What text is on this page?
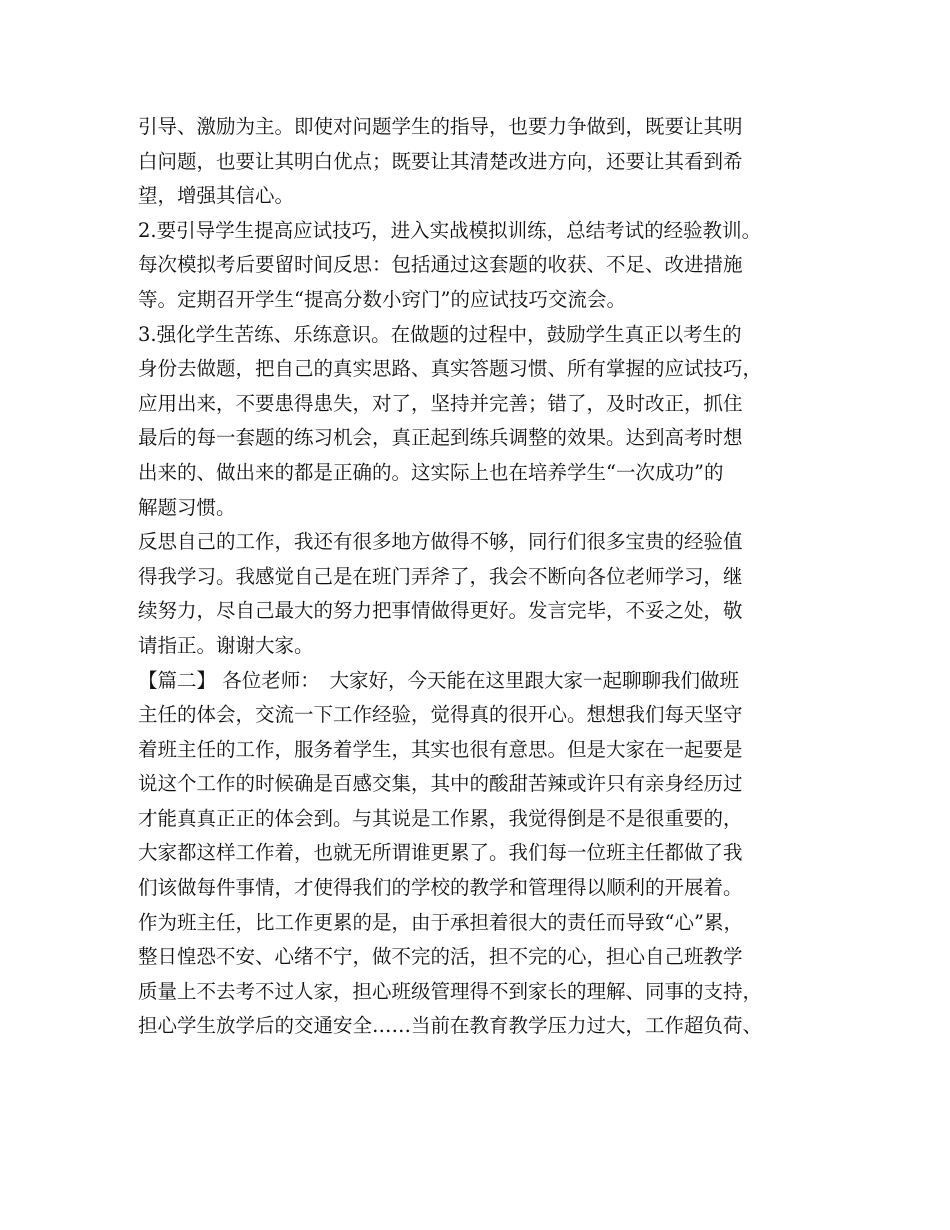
引导、激励为主。即使对问题学生的指导，也要力争做到，既要让其明
白问题，也要让其明白优点；既要让其清楚改进方向，还要让其看到希
望，增强其信心。
2.要引导学生提高应试技巧，进入实战模拟训练，总结考试的经验教训。
每次模拟考后要留时间反思：包括通过这套题的收获、不足、改进措施
等。定期召开学生“提高分数小窍门”的应试技巧交流会。
3.强化学生苦练、乐练意识。在做题的过程中，鼓励学生真正以考生的
身份去做题，把自己的真实思路、真实答题习惯、所有掌握的应试技巧，
应用出来，不要患得患失，对了，坚持并完善；错了，及时改正，抓住
最后的每一套题的练习机会，真正起到练兵调整的效果。达到高考时想
出来的、做出来的都是正确的。这实际上也在培养学生“一次成功”的
解题习惯。
反思自己的工作，我还有很多地方做得不够，同行们很多宝贵的经验值
得我学习。我感觉自己是在班门弄斧了，我会不断向各位老师学习，继
续努力，尽自己最大的努力把事情做得更好。发言完毕，不妥之处，敬
请指正。谢谢大家。
【篇二】 各位老师：　大家好，今天能在这里跟大家一起聊聊我们做班
主任的体会，交流一下工作经验，觉得真的很开心。想想我们每天坚守
着班主任的工作，服务着学生，其实也很有意思。但是大家在一起要是
说这个工作的时候确是百感交集，其中的酸甜苦辣或许只有亲身经历过
才能真真正正的体会到。与其说是工作累，我觉得倒是不是很重要的，
大家都这样工作着，也就无所谓谁更累了。我们每一位班主任都做了我
们该做每件事情，才使得我们的学校的教学和管理得以顺利的开展着。
作为班主任，比工作更累的是，由于承担着很大的责任而导致“心”累，
整日惶恐不安、心绪不宁，做不完的活，担不完的心，担心自己班教学
质量上不去考不过人家，担心班级管理得不到家长的理解、同事的支持，
担心学生放学后的交通安全……当前在教育教学压力过大，工作超负荷、
